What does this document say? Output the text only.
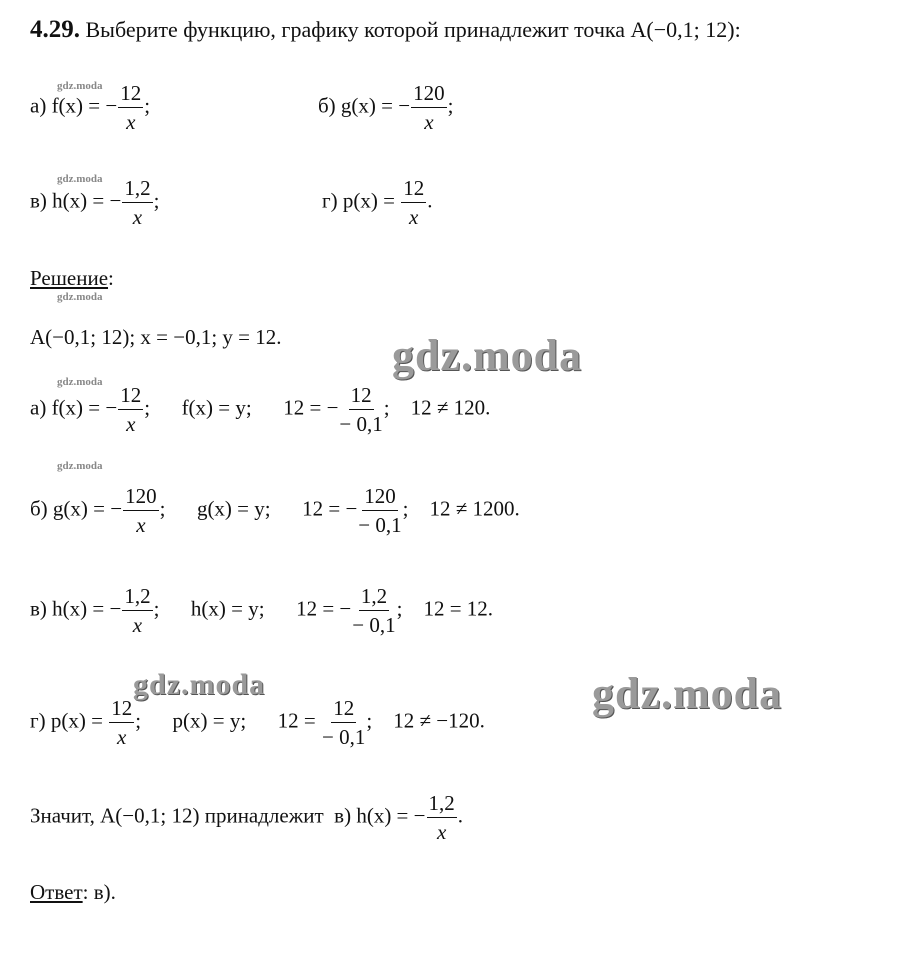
4.29. Выберите функцию, графику которой принадлежит точка A(−0,1; 12):
а) f(x) = − $\frac{12}{x}$ ;	б) g(x) = − $\frac{120}{x}$ ;
в) h(x) = − $\frac{1,2}{x}$ ;	г) $p(x) = \frac{12}{x}$ .
Решение:
A(−0,1; 12); x = −0,1; y = 12.
а) f(x) = − $\frac{12}{x}$ ;      f(x) = y;      12 = − $\frac{12}{- 0,1}$ ;    12 ≠ 120.
б) g(x) = − $\frac{120}{x}$ ;      g(x) = y;      12 = − $\frac{120}{- 0,1}$ ;    12 ≠ 1200.
в) h(x) = − $\frac{1,2}{x}$ ;      h(x) = y;      12 = − $\frac{1,2}{- 0,1}$ ;    12 = 12.
г) $p(x) = \frac{12}{x}$ ;      p(x) = y;      $12 = \frac{12}{- 0,1}$ ;    12 ≠ −120.
Значит, A(−0,1; 12) принадлежит  в) h(x) = − $\frac{1,2}{x}$ .
Ответ: в).
gdz.moda
gdz.moda
gdz.moda
gdz.moda
gdz.moda
gdz.moda
gdz.moda	gdz.moda
